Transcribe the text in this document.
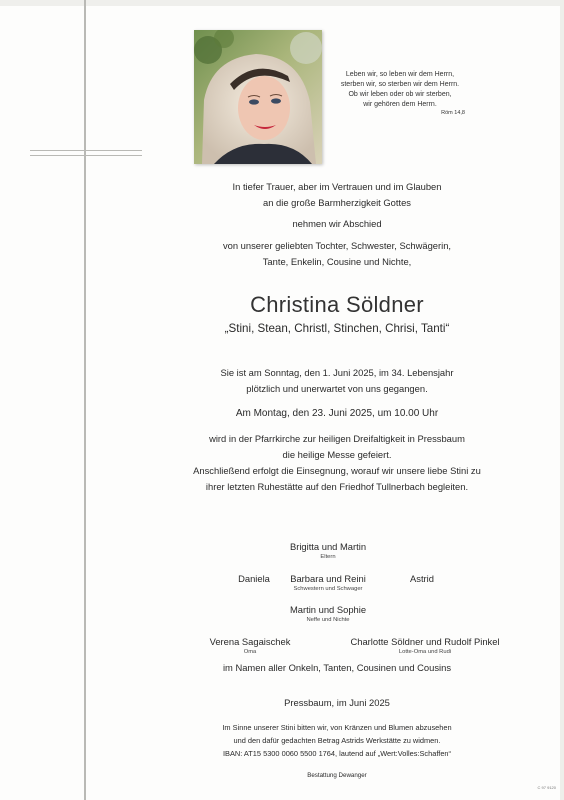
Leben wir, so leben wir dem Herrn,
sterben wir, so sterben wir dem Herrn.
Ob wir leben oder ob wir sterben,
wir gehören dem Herrn.
Röm 14,8
In tiefer Trauer, aber im Vertrauen und im Glauben
an die große Barmherzigkeit Gottes
nehmen wir Abschied
von unserer geliebten Tochter, Schwester, Schwägerin,
Tante, Enkelin, Cousine und Nichte,
Christina Söldner
„Stini, Stean, Christl, Stinchen, Chrisi, Tanti“
Sie ist am Sonntag, den 1. Juni 2025, im 34. Lebensjahr
plötzlich und unerwartet von uns gegangen.
Am Montag, den 23. Juni 2025, um 10.00 Uhr
wird in der Pfarrkirche zur heiligen Dreifaltigkeit in Pressbaum
die heilige Messe gefeiert.
Anschließend erfolgt die Einsegnung, worauf wir unsere liebe Stini zu
ihrer letzten Ruhestätte auf den Friedhof Tullnerbach begleiten.
Brigitta und Martin
Eltern
Daniela	Barbara und Reini
Schwestern und Schwager
Astrid
Martin und Sophie
Neffe und Nichte
Verena Sagaischek
Oma
Charlotte Söldner und Rudolf Pinkel
Lotte-Oma und Rudi
im Namen aller Onkeln, Tanten, Cousinen und Cousins
Pressbaum, im Juni 2025
Im Sinne unserer Stini bitten wir, von Kränzen und Blumen abzusehen
und den dafür gedachten Betrag Astrids Werkstätte zu widmen.
IBAN: AT15 5300 0060 5500 1764, lautend auf „Wert:Volles:Schaffen“
Bestattung Dewanger
C 97 9120
